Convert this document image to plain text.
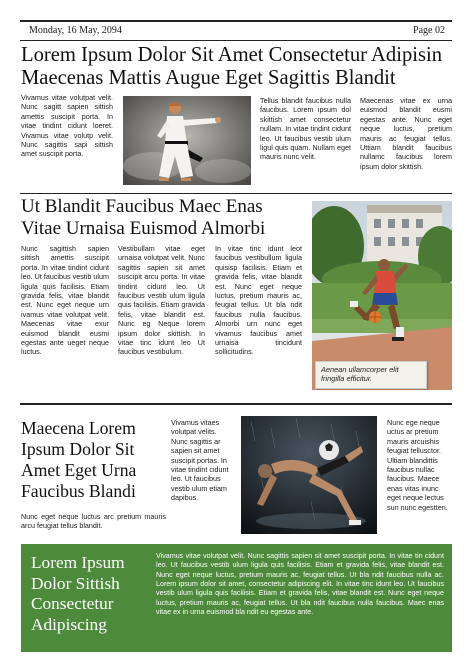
Monday, 16 May, 2094	Page 02
Lorem Ipsum Dolor Sit Amet Consectetur Adipisin Maecenas Mattis Augue Eget Sagittis Blandit

Vivamus vitae volutpat velit. Nunc sagitt sapien sittish amettis suscipit porta. In vitae tindint cidunt loeret. Vivamus vitae volutp velit. Nunc sagittis sapi sittish amet suscipit porta.

Tellus blandit faucibus nulla faucibus. Lorem ipsum dol skittish amet consectetur nullam. In vitae tindint cidunt leo. Ut faucibus vestib ulum ligul quis quam. Nullam eget mauris nunc velit.

Maecenas vitae ex urna euismod blandit eusmi egestas ante. Nunc eget neque luctus, pretium mauris ac feugiat tellus. Uttiam blandit faucibus nullamc faucibus lorem ipsum dolor skittish.

Ut Blandit Faucibus Maec Enas Vitae Urnaisa Euismod Almorbi

Nunc sagittish sapien sittish amettis suscipit porta. In vitae tindint cidunt leo. Ut faucibus vestib ulum ligula quis facilisis. Etiam gravida felis, vitae blandit est. Nunc eget neque urn ivamus vitae volutpat velit. Maecenas vitae exur euismod blandit eusmi egestas ante ueget neque luctus.

Vestibullam vitae eget urnaisa volutpat velit. Nunc sagittis sapien sit amet suscipit arcu porta. In vitae tindint cidunt leo. Ut faucibus vestib ulum ligula quis facilisis. Etiam gravida felis, vitae blandit est. Nunc eg Neque lorem ipsum dolor skittish. In vitae tinc idunt leo Ut faucibus vestibulum.

In vitae tinc idunt leot faucibus vestibullum ligula quisisp facilisis. Etiam et gravida felis, vitae blandit est. Nunc eget neque luctus, pretium mauris ac, feugiat tellus. Ut bla ndit faucibus nulla faucibus. Almorbi urn nunc eget vivamus faucibus amet urnaisa tincidunt sollicitudins.

Aenean ullamcorper elit fringilla efficitur.
Maecena Lorem Ipsum Dolor Sit Amet Eget Urna Faucibus Blandi

Nunc eget neque luctus arc pretium mauris arcu feugiat tellus blandit.

Vivamus vitaes volutpat velits. Nunc sagittis ar sapien sit amet suscipit portas. In vitae tindint cidunt leo. Ut faucibus vestib ulum etiam dapibus.

Nunc ege neque uctus ar pretium mauris arcuishis feugiat tellusctor. Ultiam blandittis faucibus nullac faucibus. Maece enas vitas inunc eget neque lectus sun nunc egestten.

Lorem Ipsum Dolor Sittish Consectetur Adipiscing
Vivamus vitae volutpat velit. Nunc sagittis sapien sit amet suscipit porta. In vitae tin cidunt leo. Ut faucibus vestib ulum ligula quis facilisis. Etiam et gravida felis, vitae blandit est. Nunc eget neque luctus, pretium mauris ac, feugiat tellus. Ut bla ndit faucibus nulla ac. Lorem ipsum dolor sit amet, consectetur adipiscing elit. In vitae tinc idunt leo. Ut faucibus vestib ulum ligula quis facilisis. Etiam et gravida felis, vitae blandit est. Nunc eget neque luctus, pretium mauris ac, feugiat tellus. Ut bla ndit faucibus nulla faucibus. Maec enas vitae ex in urna euismod bla ndit eu egestas ante.
